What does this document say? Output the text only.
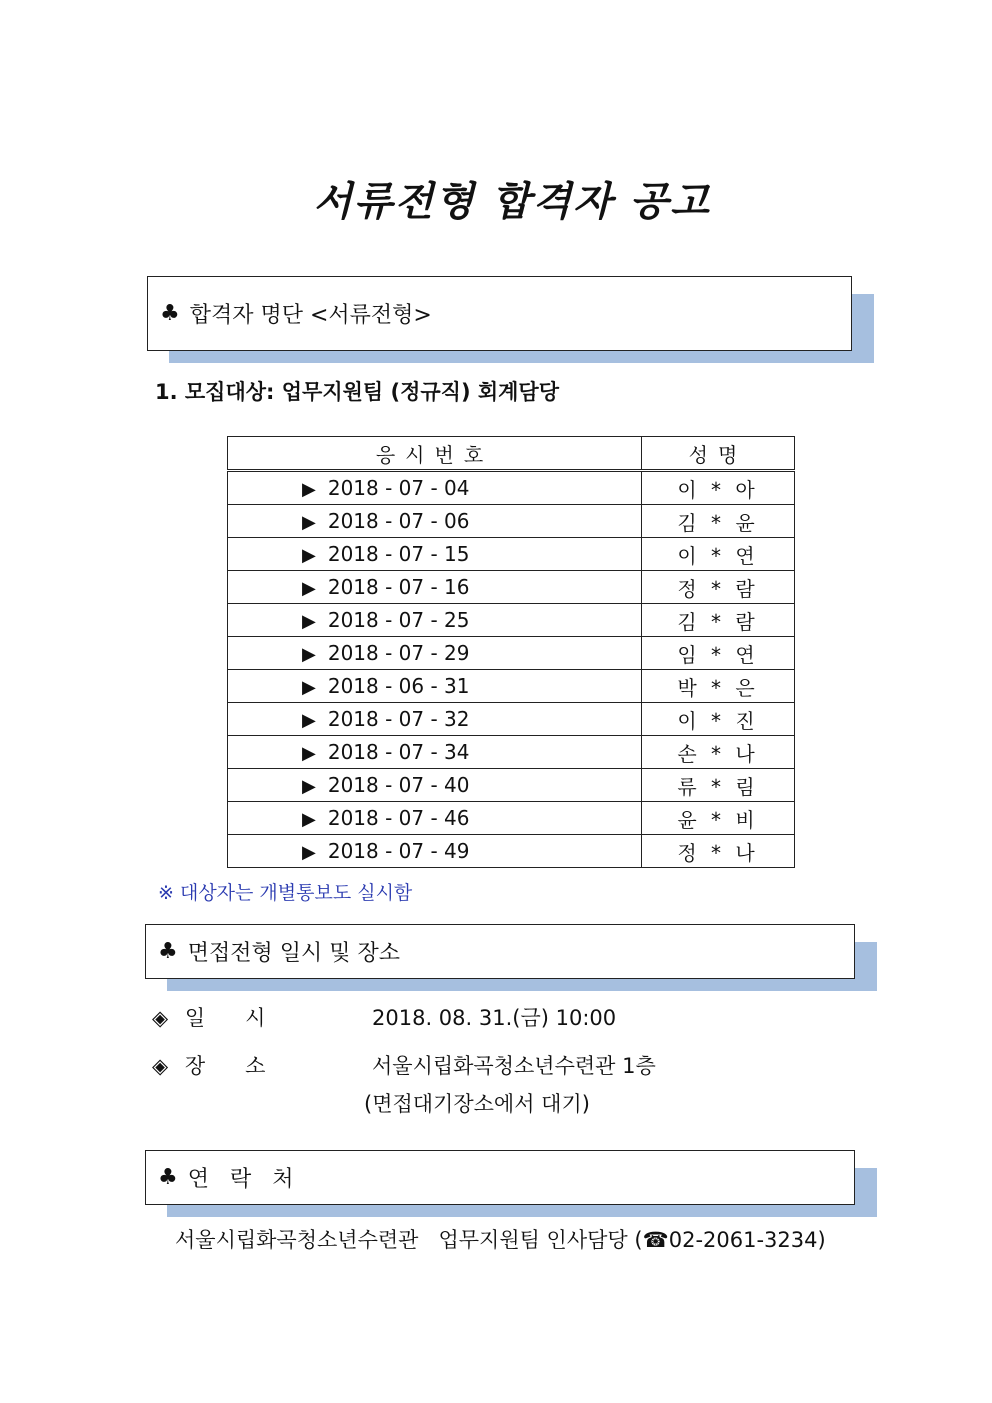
서류전형 합격자 공고
♣ 합격자 명단 <서류전형>
1. 모집대상: 업무지원팀 (정규직) 회계담당
응시번호	성명
▶ 2018 - 07 - 04	이 * 아
▶ 2018 - 07 - 06	김 * 윤
▶ 2018 - 07 - 15	이 * 연
▶ 2018 - 07 - 16	정 * 람
▶ 2018 - 07 - 25	김 * 람
▶ 2018 - 07 - 29	임 * 연
▶ 2018 - 06 - 31	박 * 은
▶ 2018 - 07 - 32	이 * 진
▶ 2018 - 07 - 34	손 * 나
▶ 2018 - 07 - 40	류 * 림
▶ 2018 - 07 - 46	윤 * 비
▶ 2018 - 07 - 49	정 * 나
※ 대상자는 개별통보도 실시함
♣ 면접전형 일시 및 장소
◈ 일      시	2018. 08. 31.(금) 10:00
◈ 장      소	서울시립화곡청소년수련관 1층
(면접대기장소에서 대기)
♣ 연   락   처
서울시립화곡청소년수련관   업무지원팀 인사담당 (☎02-2061-3234)
